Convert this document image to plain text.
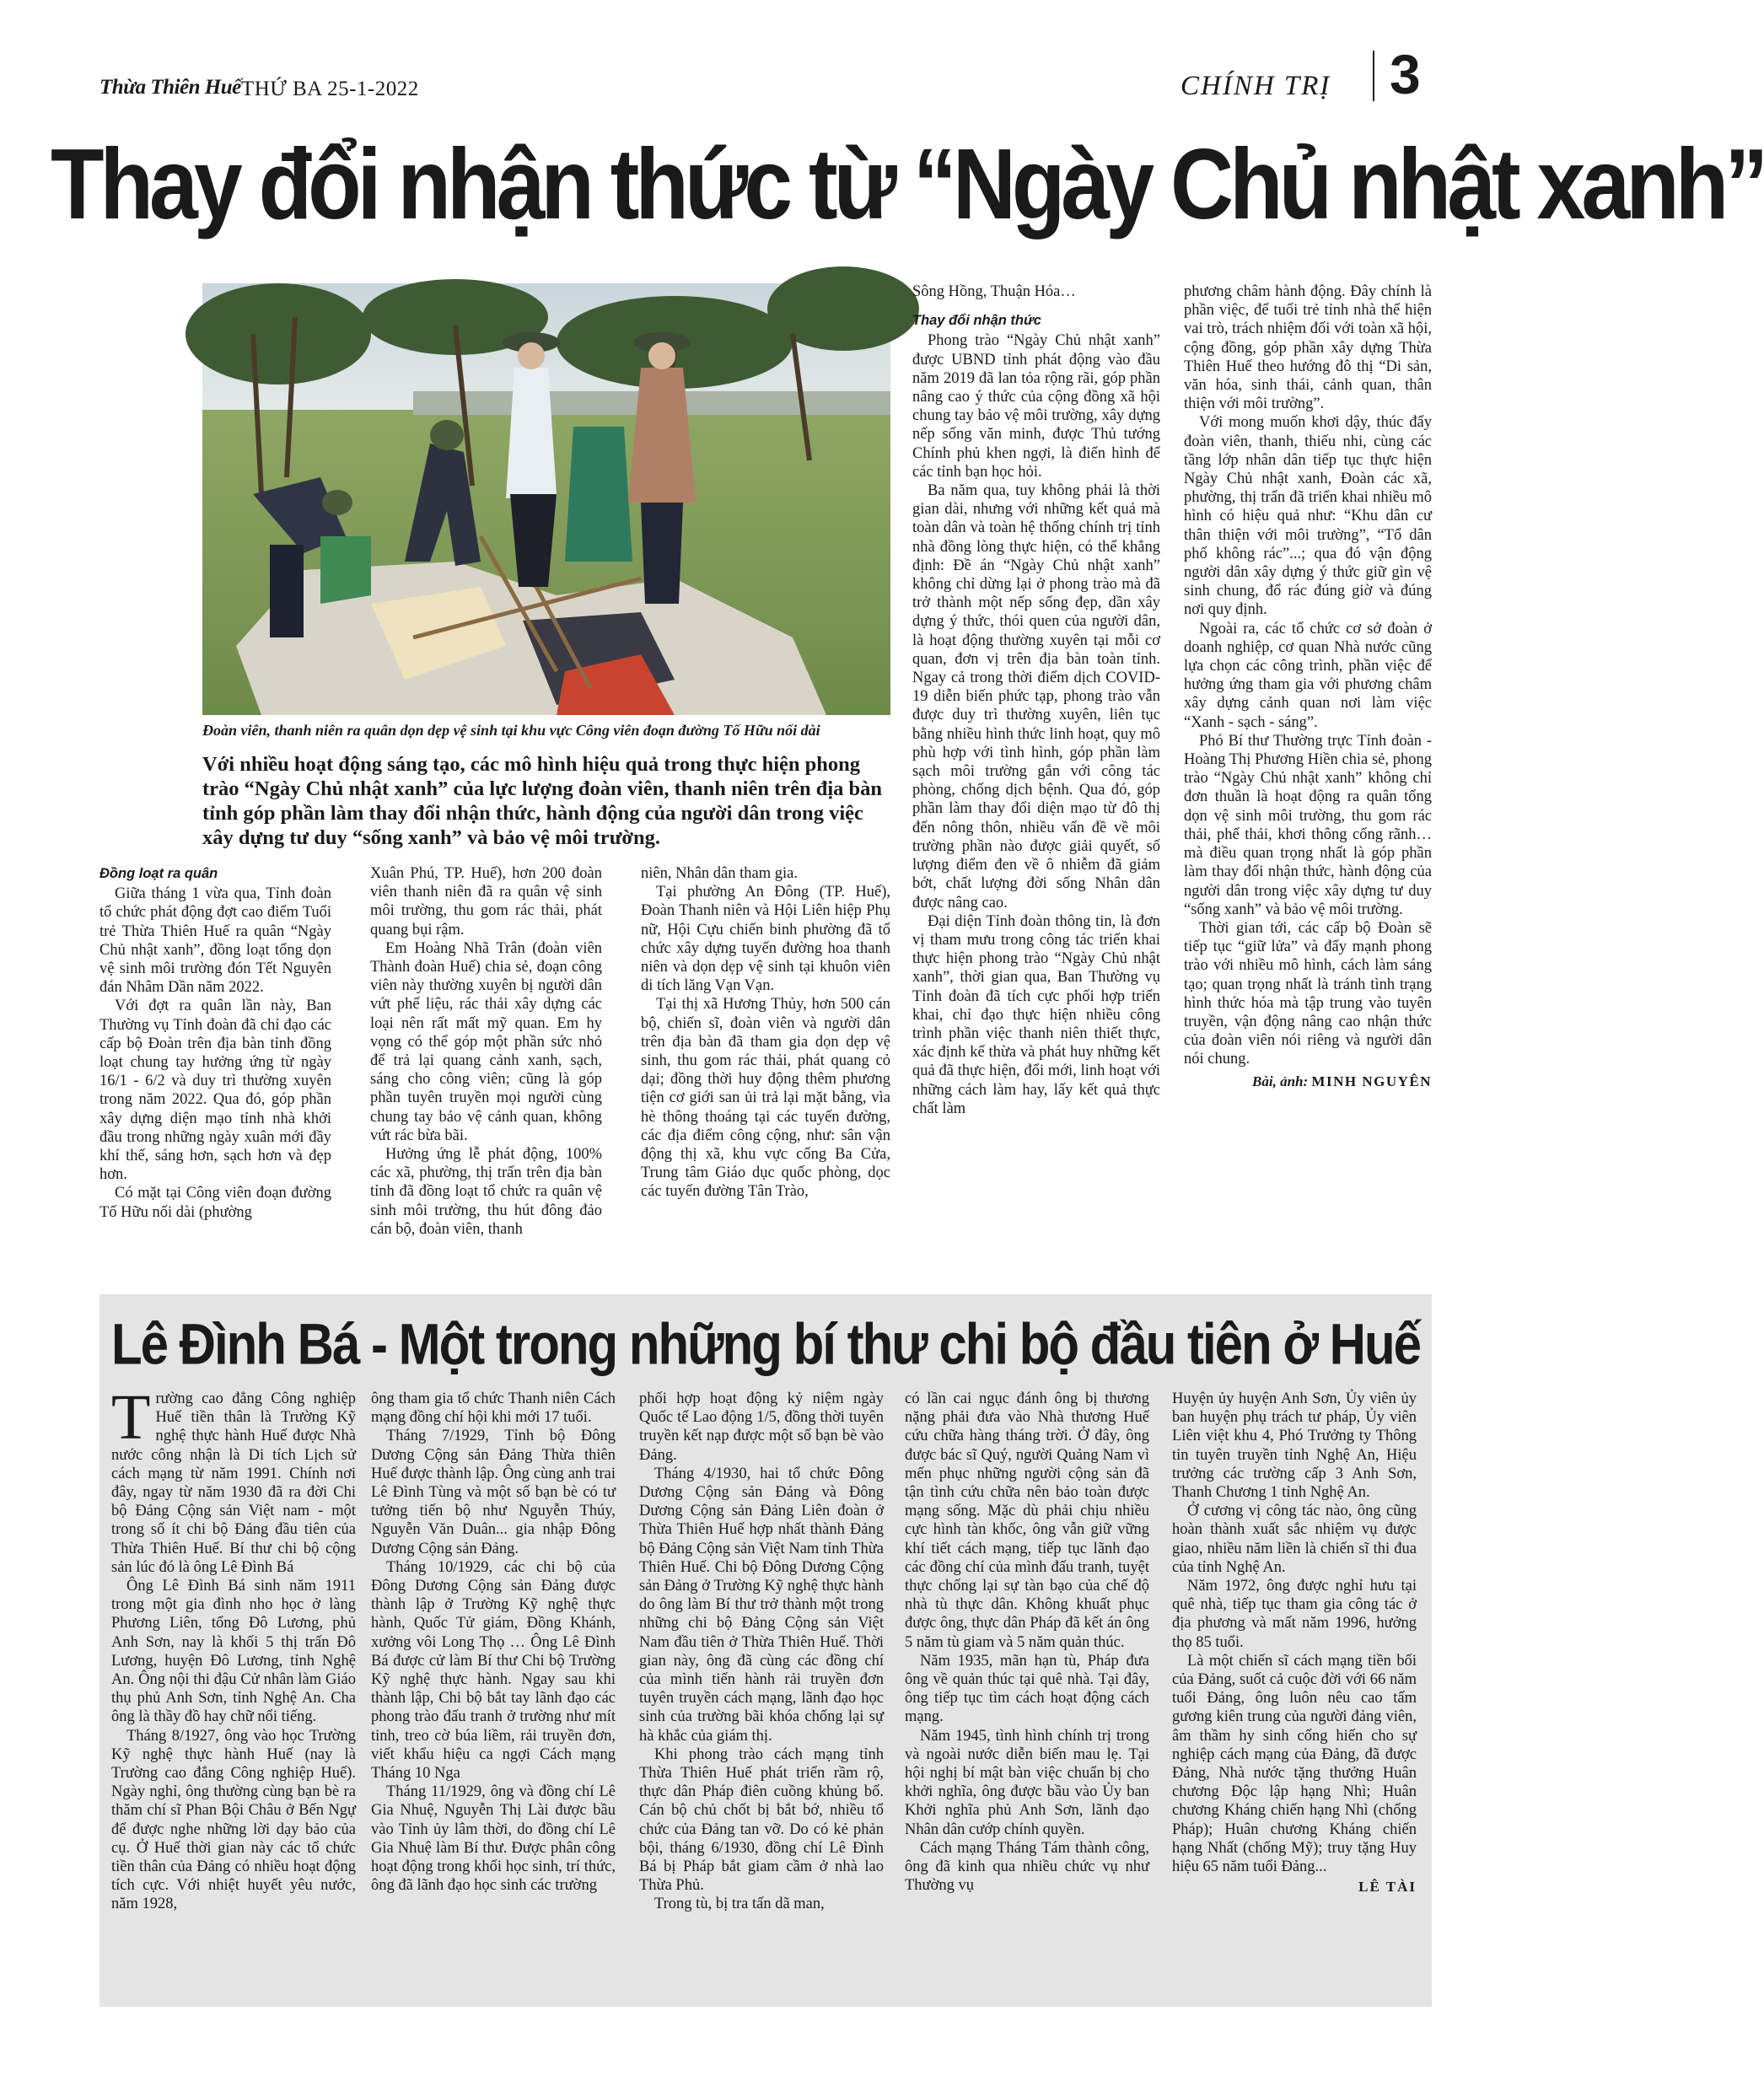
Thừa Thiên Huế THỨ BA 25-1-2022	CHÍNH TRỊ 3
Thay đổi nhận thức từ “Ngày Chủ nhật xanh”
Đoàn viên, thanh niên ra quân dọn dẹp vệ sinh tại khu vực Công viên đoạn đường Tố Hữu nối dài
Với nhiều hoạt động sáng tạo, các mô hình hiệu quả trong thực hiện phong trào “Ngày Chủ nhật xanh” của lực lượng đoàn viên, thanh niên trên địa bàn tỉnh góp phần làm thay đổi nhận thức, hành động của người dân trong việc xây dựng tư duy “sống xanh” và bảo vệ môi trường.

Đồng loạt ra quân

Giữa tháng 1 vừa qua, Tỉnh đoàn tổ chức phát động đợt cao điểm Tuổi trẻ Thừa Thiên Huế ra quân “Ngày Chủ nhật xanh”, đồng loạt tổng dọn vệ sinh môi trường đón Tết Nguyên đán Nhâm Dần năm 2022.

Với đợt ra quân lần này, Ban Thường vụ Tỉnh đoàn đã chỉ đạo các cấp bộ Đoàn trên địa bàn tỉnh đồng loạt chung tay hưởng ứng từ ngày 16/1 - 6/2 và duy trì thường xuyên trong năm 2022. Qua đó, góp phần xây dựng diện mạo tỉnh nhà khởi đầu trong những ngày xuân mới đầy khí thế, sáng hơn, sạch hơn và đẹp hơn.

Có mặt tại Công viên đoạn đường Tố Hữu nối dài (phường

Xuân Phú, TP. Huế), hơn 200 đoàn viên thanh niên đã ra quân vệ sinh môi trường, thu gom rác thải, phát quang bụi rậm.

Em Hoàng Nhã Trân (đoàn viên Thành đoàn Huế) chia sẻ, đoạn công viên này thường xuyên bị người dân vứt phế liệu, rác thải xây dựng các loại nên rất mất mỹ quan. Em hy vọng có thể góp một phần sức nhỏ để trả lại quang cảnh xanh, sạch, sáng cho công viên; cũng là góp phần tuyên truyền mọi người cùng chung tay bảo vệ cảnh quan, không vứt rác bừa bãi.

Hưởng ứng lễ phát động, 100% các xã, phường, thị trấn trên địa bàn tỉnh đã đồng loạt tổ chức ra quân vệ sinh môi trường, thu hút đông đảo cán bộ, đoàn viên, thanh

niên, Nhân dân tham gia.

Tại phường An Đông (TP. Huế), Đoàn Thanh niên và Hội Liên hiệp Phụ nữ, Hội Cựu chiến binh phường đã tổ chức xây dựng tuyến đường hoa thanh niên và dọn dẹp vệ sinh tại khuôn viên di tích lăng Vạn Vạn.

Tại thị xã Hương Thủy, hơn 500 cán bộ, chiến sĩ, đoàn viên và người dân trên địa bàn đã tham gia dọn dẹp vệ sinh, thu gom rác thải, phát quang cỏ dại; đồng thời huy động thêm phương tiện cơ giới san ủi trả lại mặt bằng, vìa hè thông thoáng tại các tuyến đường, các địa điểm công cộng, như: sân vận động thị xã, khu vực cổng Ba Cửa, Trung tâm Giáo dục quốc phòng, dọc các tuyến đường Tân Trào,

Sông Hồng, Thuận Hóa…

Thay đổi nhận thức

Phong trào “Ngày Chủ nhật xanh” được UBND tỉnh phát động vào đầu năm 2019 đã lan tỏa rộng rãi, góp phần nâng cao ý thức của cộng đồng xã hội chung tay bảo vệ môi trường, xây dựng nếp sống văn minh, được Thủ tướng Chính phủ khen ngợi, là điển hình để các tỉnh bạn học hỏi.

Ba năm qua, tuy không phải là thời gian dài, nhưng với những kết quả mà toàn dân và toàn hệ thống chính trị tỉnh nhà đồng lòng thực hiện, có thể khẳng định: Đề án “Ngày Chủ nhật xanh” không chỉ dừng lại ở phong trào mà đã trở thành một nếp sống đẹp, dần xây dựng ý thức, thói quen của người dân, là hoạt động thường xuyên tại mỗi cơ quan, đơn vị trên địa bàn toàn tỉnh. Ngay cả trong thời điểm dịch COVID-19 diễn biến phức tạp, phong trào vẫn được duy trì thường xuyên, liên tục bằng nhiều hình thức linh hoạt, quy mô phù hợp với tình hình, góp phần làm sạch môi trường gắn với công tác phòng, chống dịch bệnh. Qua đó, góp phần làm thay đổi diện mạo từ đô thị đến nông thôn, nhiều vấn đề về môi trường phần nào được giải quyết, số lượng điểm đen về ô nhiễm đã giảm bớt, chất lượng đời sống Nhân dân được nâng cao.

Đại diện Tỉnh đoàn thông tin, là đơn vị tham mưu trong công tác triển khai thực hiện phong trào “Ngày Chủ nhật xanh”, thời gian qua, Ban Thường vụ Tỉnh đoàn đã tích cực phối hợp triển khai, chỉ đạo thực hiện nhiều công trình phần việc thanh niên thiết thực, xác định kế thừa và phát huy những kết quả đã thực hiện, đổi mới, linh hoạt với những cách làm hay, lấy kết quả thực chất làm

phương châm hành động. Đây chính là phần việc, để tuổi trẻ tỉnh nhà thể hiện vai trò, trách nhiệm đối với toàn xã hội, cộng đồng, góp phần xây dựng Thừa Thiên Huế theo hướng đô thị “Di sản, văn hóa, sinh thái, cảnh quan, thân thiện với môi trường”.

Với mong muốn khơi dậy, thúc đẩy đoàn viên, thanh, thiếu nhi, cùng các tầng lớp nhân dân tiếp tục thực hiện Ngày Chủ nhật xanh, Đoàn các xã, phường, thị trấn đã triển khai nhiều mô hình có hiệu quả như: “Khu dân cư thân thiện với môi trường”, “Tổ dân phố không rác”...; qua đó vận động người dân xây dựng ý thức giữ gìn vệ sinh chung, đổ rác đúng giờ và đúng nơi quy định.

Ngoài ra, các tổ chức cơ sở đoàn ở doanh nghiệp, cơ quan Nhà nước cũng lựa chọn các công trình, phần việc để hưởng ứng tham gia với phương châm xây dựng cảnh quan nơi làm việc “Xanh - sạch - sáng”.

Phó Bí thư Thường trực Tỉnh đoàn - Hoàng Thị Phương Hiền chia sẻ, phong trào “Ngày Chủ nhật xanh” không chỉ đơn thuần là hoạt động ra quân tổng dọn vệ sinh môi trường, thu gom rác thải, phế thải, khơi thông cống rãnh… mà điều quan trọng nhất là góp phần làm thay đổi nhận thức, hành động của người dân trong việc xây dựng tư duy “sống xanh” và bảo vệ môi trường.

Thời gian tới, các cấp bộ Đoàn sẽ tiếp tục “giữ lửa” và đẩy mạnh phong trào với nhiều mô hình, cách làm sáng tạo; quan trọng nhất là tránh tình trạng hình thức hóa mà tập trung vào tuyên truyền, vận động nâng cao nhận thức của đoàn viên nói riêng và người dân nói chung.

Bài, ảnh: MINH NGUYÊN

Lê Đình Bá - Một trong những bí thư chi bộ đầu tiên ở Huế

Trường cao đẳng Công nghiệp Huế tiền thân là Trường Kỹ nghệ thực hành Huế được Nhà nước công nhận là Di tích Lịch sử cách mạng từ năm 1991. Chính nơi đây, ngay từ năm 1930 đã ra đời Chi bộ Đảng Cộng sản Việt nam - một trong số ít chi bộ Đảng đầu tiên của Thừa Thiên Huế. Bí thư chi bộ cộng sản lúc đó là ông Lê Đình Bá

Ông Lê Đình Bá sinh năm 1911 trong một gia đình nho học ở làng Phương Liên, tổng Đô Lương, phủ Anh Sơn, nay là khối 5 thị trấn Đô Lương, huyện Đô Lương, tỉnh Nghệ An. Ông nội thi đậu Cử nhân làm Giáo thụ phủ Anh Sơn, tỉnh Nghệ An. Cha ông là thầy đồ hay chữ nổi tiếng.

Tháng 8/1927, ông vào học Trường Kỹ nghệ thực hành Huế (nay là Trường cao đẳng Công nghiệp Huế). Ngày nghỉ, ông thường cùng bạn bè ra thăm chí sĩ Phan Bội Châu ở Bến Ngự để được nghe những lời dạy bảo của cụ. Ở Huế thời gian này các tổ chức tiền thân của Đảng có nhiều hoạt động tích cực. Với nhiệt huyết yêu nước, năm 1928,

ông tham gia tổ chức Thanh niên Cách mạng đồng chí hội khi mới 17 tuổi.

Tháng 7/1929, Tỉnh bộ Đông Dương Cộng sản Đảng Thừa thiên Huế được thành lập. Ông cùng anh trai Lê Đình Tùng và một số bạn bè có tư tưởng tiến bộ như Nguyễn Thúy, Nguyễn Văn Duân... gia nhập Đông Dương Cộng sản Đảng.

Tháng 10/1929, các chi bộ của Đông Dương Cộng sản Đảng được thành lập ở Trường Kỹ nghệ thực hành, Quốc Tử giám, Đồng Khánh, xưởng vôi Long Thọ … Ông Lê Đình Bá được cử làm Bí thư Chi bộ Trường Kỹ nghệ thực hành. Ngay sau khi thành lập, Chi bộ bắt tay lãnh đạo các phong trào đấu tranh ở trường như mít tinh, treo cờ búa liềm, rải truyền đơn, viết khẩu hiệu ca ngợi Cách mạng Tháng 10 Nga

Tháng 11/1929, ông và đồng chí Lê Gia Nhuệ, Nguyễn Thị Lài được bầu vào Tỉnh ủy lâm thời, do đồng chí Lê Gia Nhuệ làm Bí thư. Được phân công hoạt động trong khối học sinh, trí thức, ông đã lãnh đạo học sinh các trường

phối hợp hoạt động kỷ niệm ngày Quốc tế Lao động 1/5, đồng thời tuyên truyền kết nạp được một số bạn bè vào Đảng.

Tháng 4/1930, hai tổ chức Đông Dương Cộng sản Đảng và Đông Dương Cộng sản Đảng Liên đoàn ở Thừa Thiên Huế hợp nhất thành Đảng bộ Đảng Cộng sản Việt Nam tỉnh Thừa Thiên Huế. Chi bộ Đông Dương Cộng sản Đảng ở Trường Kỹ nghệ thực hành do ông làm Bí thư trở thành một trong những chi bộ Đảng Cộng sản Việt Nam đầu tiên ở Thừa Thiên Huế. Thời gian này, ông đã cùng các đồng chí của mình tiến hành rải truyền đơn tuyên truyền cách mạng, lãnh đạo học sinh của trường bãi khóa chống lại sự hà khắc của giám thị.

Khi phong trào cách mạng tỉnh Thừa Thiên Huế phát triển rầm rộ, thực dân Pháp điên cuồng khủng bố. Cán bộ chủ chốt bị bắt bớ, nhiều tổ chức của Đảng tan vỡ. Do có kẻ phản bội, tháng 6/1930, đồng chí Lê Đình Bá bị Pháp bắt giam cầm ở nhà lao Thừa Phủ.

Trong tù, bị tra tấn dã man,

có lần cai ngục đánh ông bị thương nặng phải đưa vào Nhà thương Huế cứu chữa hàng tháng trời. Ở đây, ông được bác sĩ Quý, người Quảng Nam vì mến phục những người cộng sản đã tận tình cứu chữa nên bảo toàn được mạng sống. Mặc dù phải chịu nhiều cực hình tàn khốc, ông vẫn giữ vững khí tiết cách mạng, tiếp tục lãnh đạo các đồng chí của mình đấu tranh, tuyệt thực chống lại sự tàn bạo của chế độ nhà tù thực dân. Không khuất phục được ông, thực dân Pháp đã kết án ông 5 năm tù giam và 5 năm quản thúc.

Năm 1935, mãn hạn tù, Pháp đưa ông về quản thúc tại quê nhà. Tại đây, ông tiếp tục tìm cách hoạt động cách mạng.

Năm 1945, tình hình chính trị trong và ngoài nước diễn biến mau lẹ. Tại hội nghị bí mật bàn việc chuẩn bị cho khởi nghĩa, ông được bầu vào Ủy ban Khởi nghĩa phủ Anh Sơn, lãnh đạo Nhân dân cướp chính quyền.

Cách mạng Tháng Tám thành công, ông đã kinh qua nhiều chức vụ như Thường vụ

Huyện ủy huyện Anh Sơn, Ủy viên ủy ban huyện phụ trách tư pháp, Ủy viên Liên việt khu 4, Phó Trưởng ty Thông tin tuyên truyền tỉnh Nghệ An, Hiệu trưởng các trường cấp 3 Anh Sơn, Thanh Chương 1 tỉnh Nghệ An.

Ở cương vị công tác nào, ông cũng hoàn thành xuất sắc nhiệm vụ được giao, nhiều năm liền là chiến sĩ thi đua của tỉnh Nghệ An.

Năm 1972, ông được nghỉ hưu tại quê nhà, tiếp tục tham gia công tác ở địa phương và mất năm 1996, hưởng thọ 85 tuổi.

Là một chiến sĩ cách mạng tiền bối của Đảng, suốt cả cuộc đời với 66 năm tuổi Đảng, ông luôn nêu cao tấm gương kiên trung của người đảng viên, âm thầm hy sinh cống hiến cho sự nghiệp cách mạng của Đảng, đã được Đảng, Nhà nước tặng thưởng Huân chương Độc lập hạng Nhì; Huân chương Kháng chiến hạng Nhì (chống Pháp); Huân chương Kháng chiến hạng Nhất (chống Mỹ); truy tặng Huy hiệu 65 năm tuổi Đảng...

LÊ TÀI
